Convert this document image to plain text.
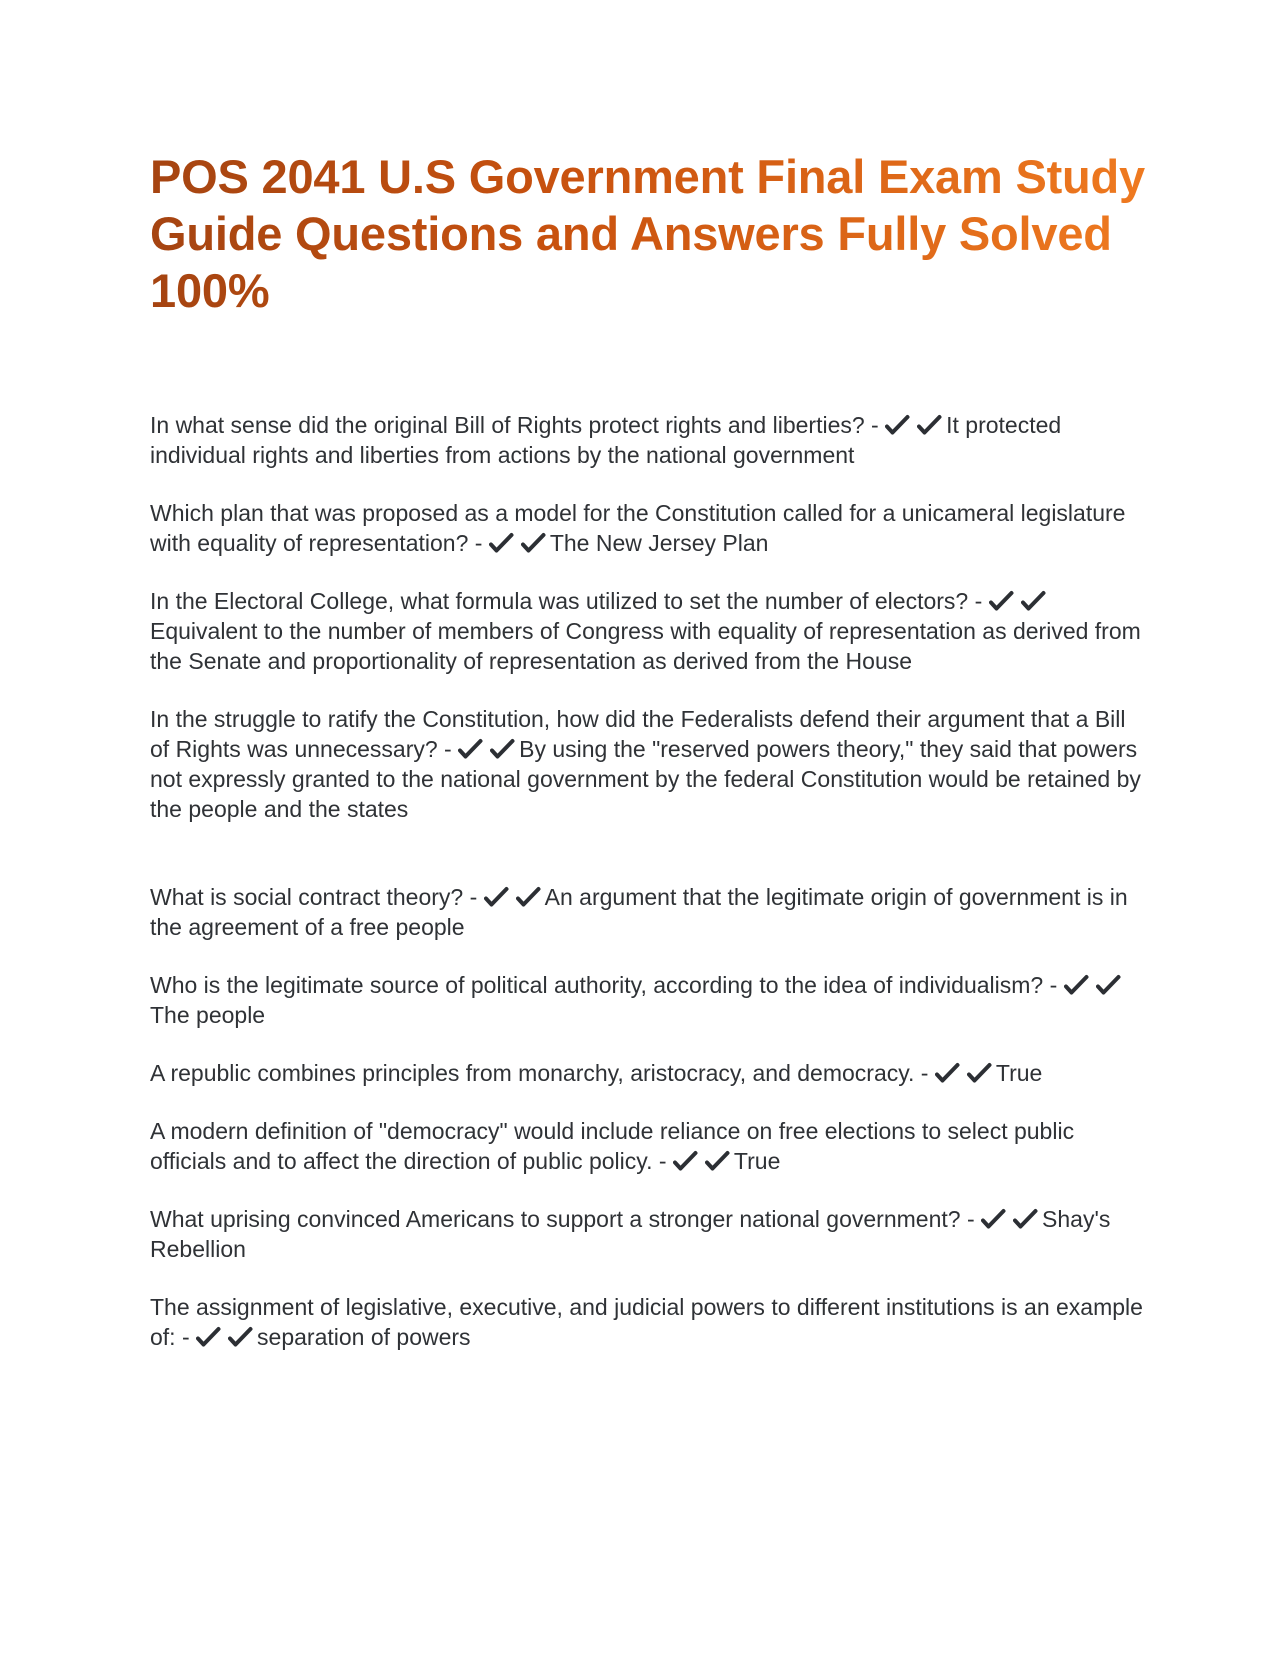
POS 2041 U.S Government Final Exam Study Guide Questions and Answers Fully Solved 100%
In what sense did the original Bill of Rights protect rights and liberties? -	It protected individual rights and liberties from actions by the national government
Which plan that was proposed as a model for the Constitution called for a unicameral legislature with equality of representation? -	The New Jersey Plan
In the Electoral College, what formula was utilized to set the number of electors? -
Equivalent to the number of members of Congress with equality of representation as derived from the Senate and proportionality of representation as derived from the House
In the struggle to ratify the Constitution, how did the Federalists defend their argument that a Bill of Rights was unnecessary? -	By using the "reserved powers theory," they said that powers not expressly granted to the national government by the federal Constitution would be retained by the people and the states
What is social contract theory? -	An argument that the legitimate origin of government is in the agreement of a free people
Who is the legitimate source of political authority, according to the idea of individualism? -
The people
A republic combines principles from monarchy, aristocracy, and democracy. -	True
A modern definition of "democracy" would include reliance on free elections to select public officials and to affect the direction of public policy. -	True
What uprising convinced Americans to support a stronger national government? -	Shay's Rebellion
The assignment of legislative, executive, and judicial powers to different institutions is an example of: -	separation of powers
